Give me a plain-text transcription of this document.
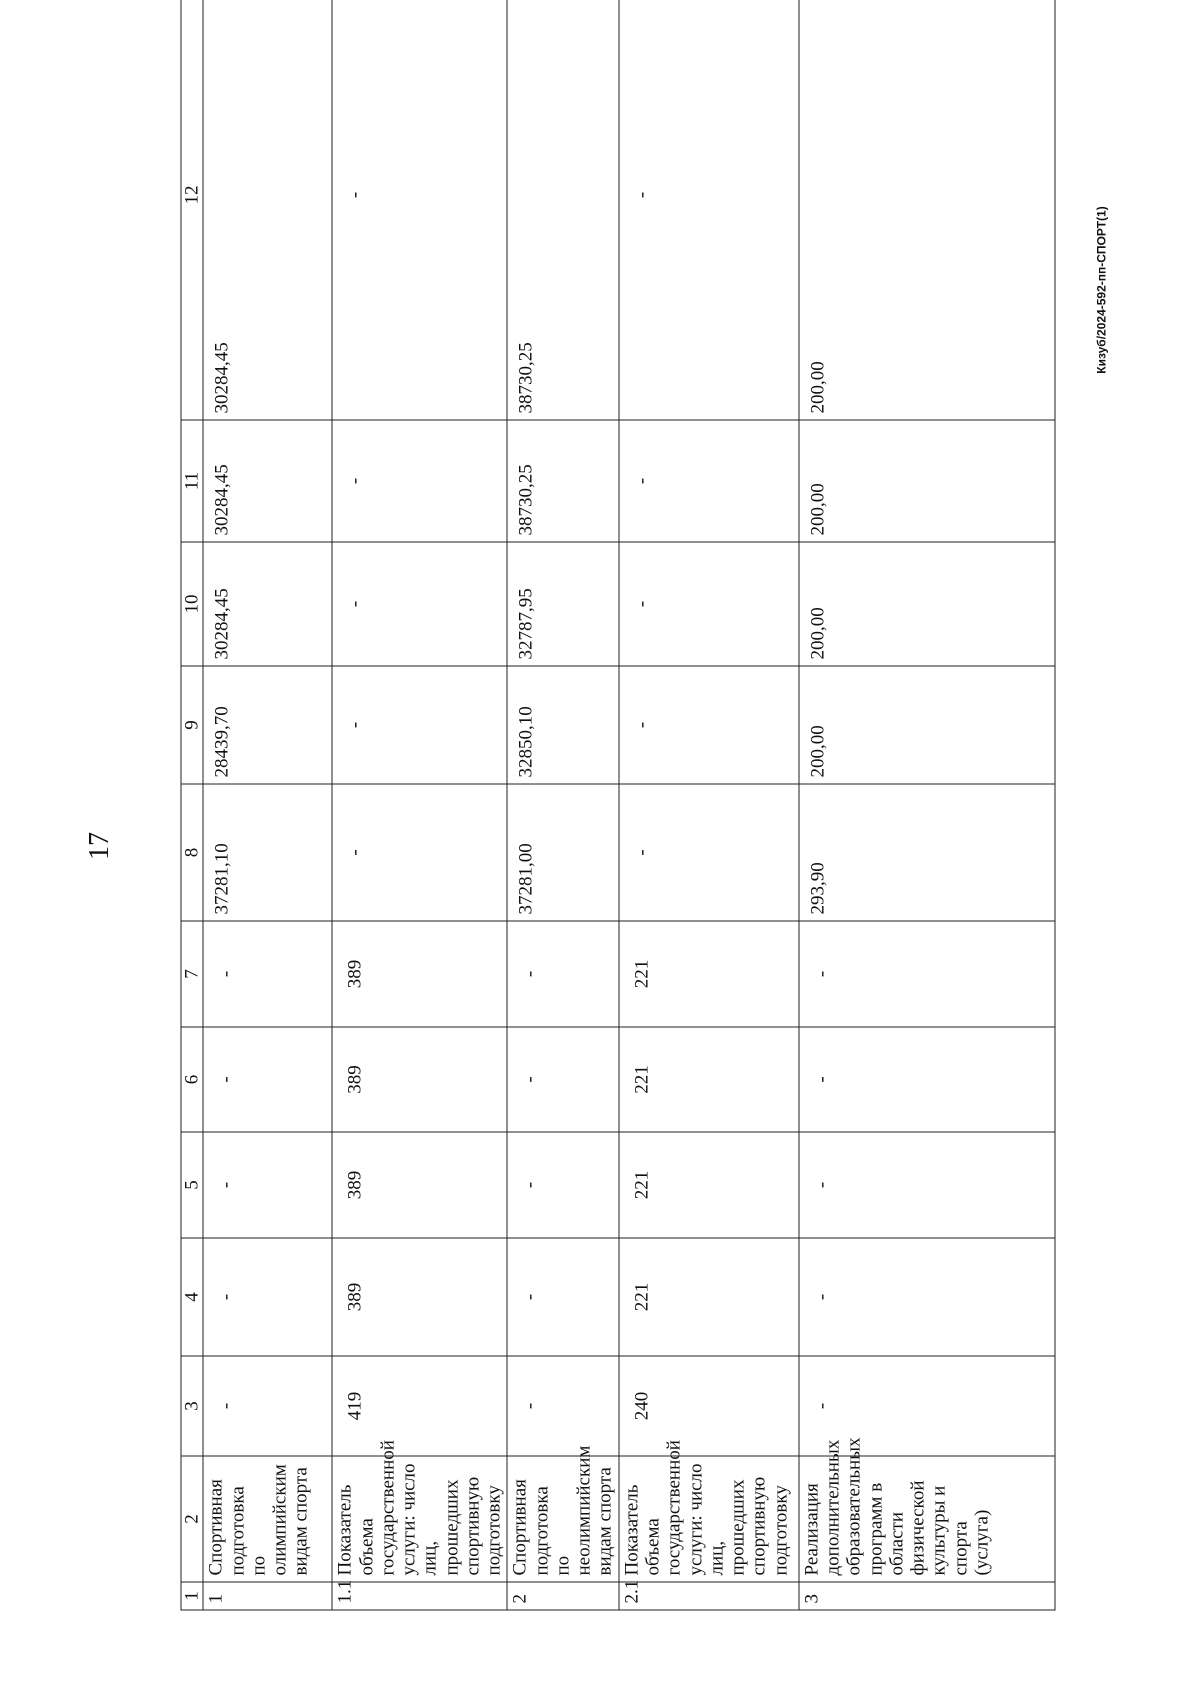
17
Кизуб/2024-592-пп-СПОРТ(1)
1	2	3	4	5	6	7	8	9	10	11	12
1	Спортивная подготовка по олимпийским видам спорта	-	-	-	-	-	37281,10	28439,70	30284,45	30284,45	30284,45
1.1	Показатель объема государственной услуги: число лиц, прошедших спортивную подготовку	419	389	389	389	389	-	-	-	-	-
2	Спортивная подготовка по неолимпийским видам спорта	-	-	-	-	-	37281,00	32850,10	32787,95	38730,25	38730,25
2.1	Показатель объема государственной услуги: число лиц, прошедших спортивную подготовку	240	221	221	221	221	-	-	-	-	-
3	Реализация дополнительных образовательных программ в области физической культуры и спорта (услуга)	-	-	-	-	-	293,90	200,00	200,00	200,00	200,00
